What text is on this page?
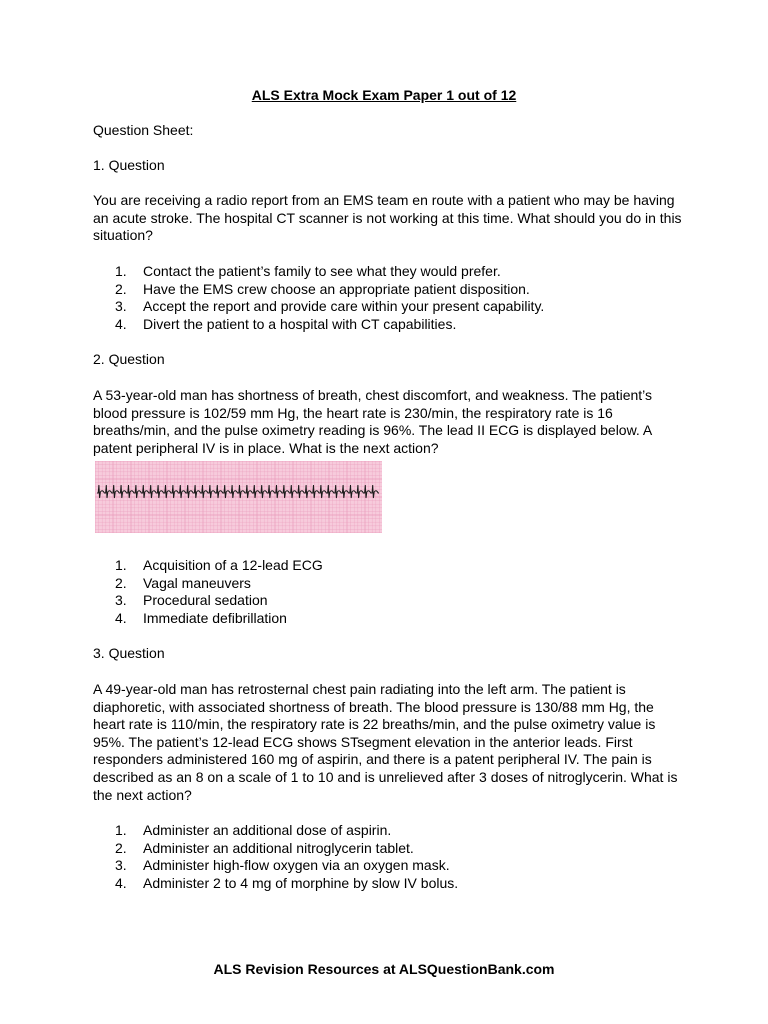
ALS Extra Mock Exam Paper 1 out of 12

Question Sheet:

1. Question

You are receiving a radio report from an EMS team en route with a patient who may be having an acute stroke. The hospital CT scanner is not working at this time. What should you do in this situation?

1.	Contact the patient’s family to see what they would prefer.
2.	Have the EMS crew choose an appropriate patient disposition.
3.	Accept the report and provide care within your present capability.
4.	Divert the patient to a hospital with CT capabilities.

2. Question

A 53-year-old man has shortness of breath, chest discomfort, and weakness. The patient’s blood pressure is 102/59 mm Hg, the heart rate is 230/min, the respiratory rate is 16 breaths/min, and the pulse oximetry reading is 96%. The lead II ECG is displayed below. A patent peripheral IV is in place. What is the next action?

1.	Acquisition of a 12-lead ECG
2.	Vagal maneuvers
3.	Procedural sedation
4.	Immediate defibrillation

3. Question

A 49-year-old man has retrosternal chest pain radiating into the left arm. The patient is diaphoretic, with associated shortness of breath. The blood pressure is 130/88 mm Hg, the heart rate is 110/min, the respiratory rate is 22 breaths/min, and the pulse oximetry value is 95%. The patient’s 12-lead ECG shows STsegment elevation in the anterior leads. First responders administered 160 mg of aspirin, and there is a patent peripheral IV. The pain is described as an 8 on a scale of 1 to 10 and is unrelieved after 3 doses of nitroglycerin. What is the next action?

1.	Administer an additional dose of aspirin.
2.	Administer an additional nitroglycerin tablet.
3.	Administer high-flow oxygen via an oxygen mask.
4.	Administer 2 to 4 mg of morphine by slow IV bolus.
ALS Revision Resources at ALSQuestionBank.com
